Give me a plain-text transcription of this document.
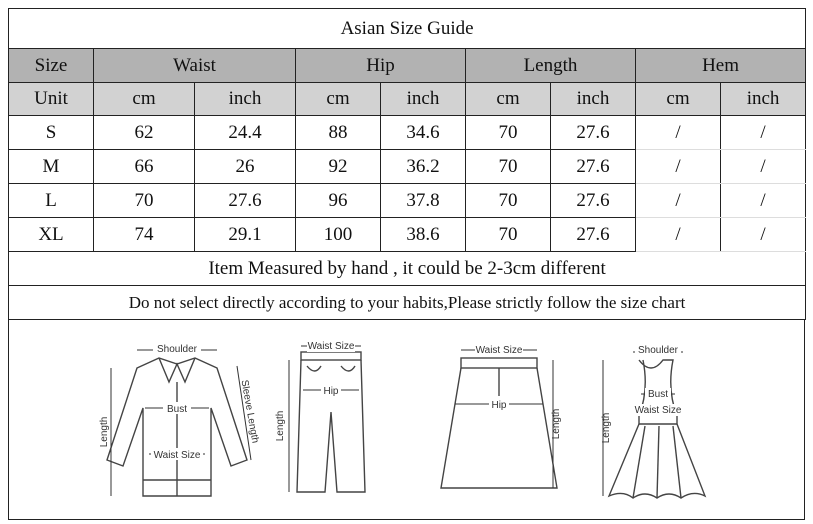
Asian Size Guide								
Size	Waist		Hip		Length		Hem	
Unit	cm	inch	cm	inch	cm	inch	cm	inch
S	62	24.4	88	34.6	70	27.6	/	/
M	66	26	92	36.2	70	27.6	/	/
L	70	27.6	96	37.8	70	27.6	/	/
XL	74	29.1	100	38.6	70	27.6	/	/
Item Measured by hand , it could be 2-3cm different								
Do not select directly according to your habits,Please strictly follow the size chart								
Shoulder
Bust
Waist Size
Length	Sleeve Length
Waist Size
Hip
Length
Waist Size
Hip
Length
Shoulder
Bust
Waist Size
Length
